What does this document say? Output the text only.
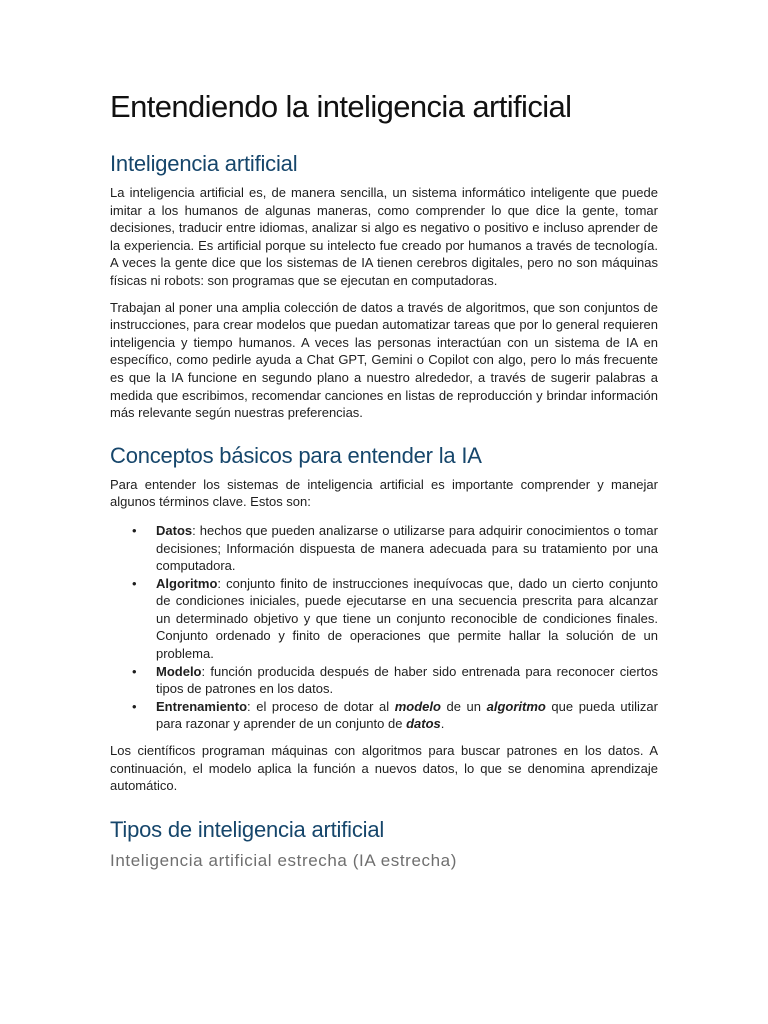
Entendiendo la inteligencia artificial
Inteligencia artificial

La inteligencia artificial es, de manera sencilla, un sistema informático inteligente que puede imitar a los humanos de algunas maneras, como comprender lo que dice la gente, tomar decisiones, traducir entre idiomas, analizar si algo es negativo o positivo e incluso aprender de la experiencia. Es artificial porque su intelecto fue creado por humanos a través de tecnología. A veces la gente dice que los sistemas de IA tienen cerebros digitales, pero no son máquinas físicas ni robots: son programas que se ejecutan en computadoras.

Trabajan al poner una amplia colección de datos a través de algoritmos, que son conjuntos de instrucciones, para crear modelos que puedan automatizar tareas que por lo general requieren inteligencia y tiempo humanos. A veces las personas interactúan con un sistema de IA en específico, como pedirle ayuda a Chat GPT, Gemini o Copilot con algo, pero lo más frecuente es que la IA funcione en segundo plano a nuestro alrededor, a través de sugerir palabras a medida que escribimos, recomendar canciones en listas de reproducción y brindar información más relevante según nuestras preferencias.

Conceptos básicos para entender la IA

Para entender los sistemas de inteligencia artificial es importante comprender y manejar algunos términos clave. Estos son:

• Datos: hechos que pueden analizarse o utilizarse para adquirir conocimientos o tomar decisiones; Información dispuesta de manera adecuada para su tratamiento por una computadora.
• Algoritmo: conjunto finito de instrucciones inequívocas que, dado un cierto conjunto de condiciones iniciales, puede ejecutarse en una secuencia prescrita para alcanzar un determinado objetivo y que tiene un conjunto reconocible de condiciones finales. Conjunto ordenado y finito de operaciones que permite hallar la solución de un problema.
• Modelo: función producida después de haber sido entrenada para reconocer ciertos tipos de patrones en los datos.
• Entrenamiento: el proceso de dotar al modelo de un algoritmo que pueda utilizar para razonar y aprender de un conjunto de datos.

Los científicos programan máquinas con algoritmos para buscar patrones en los datos. A continuación, el modelo aplica la función a nuevos datos, lo que se denomina aprendizaje automático.

Tipos de inteligencia artificial
Inteligencia artificial estrecha (IA estrecha)
